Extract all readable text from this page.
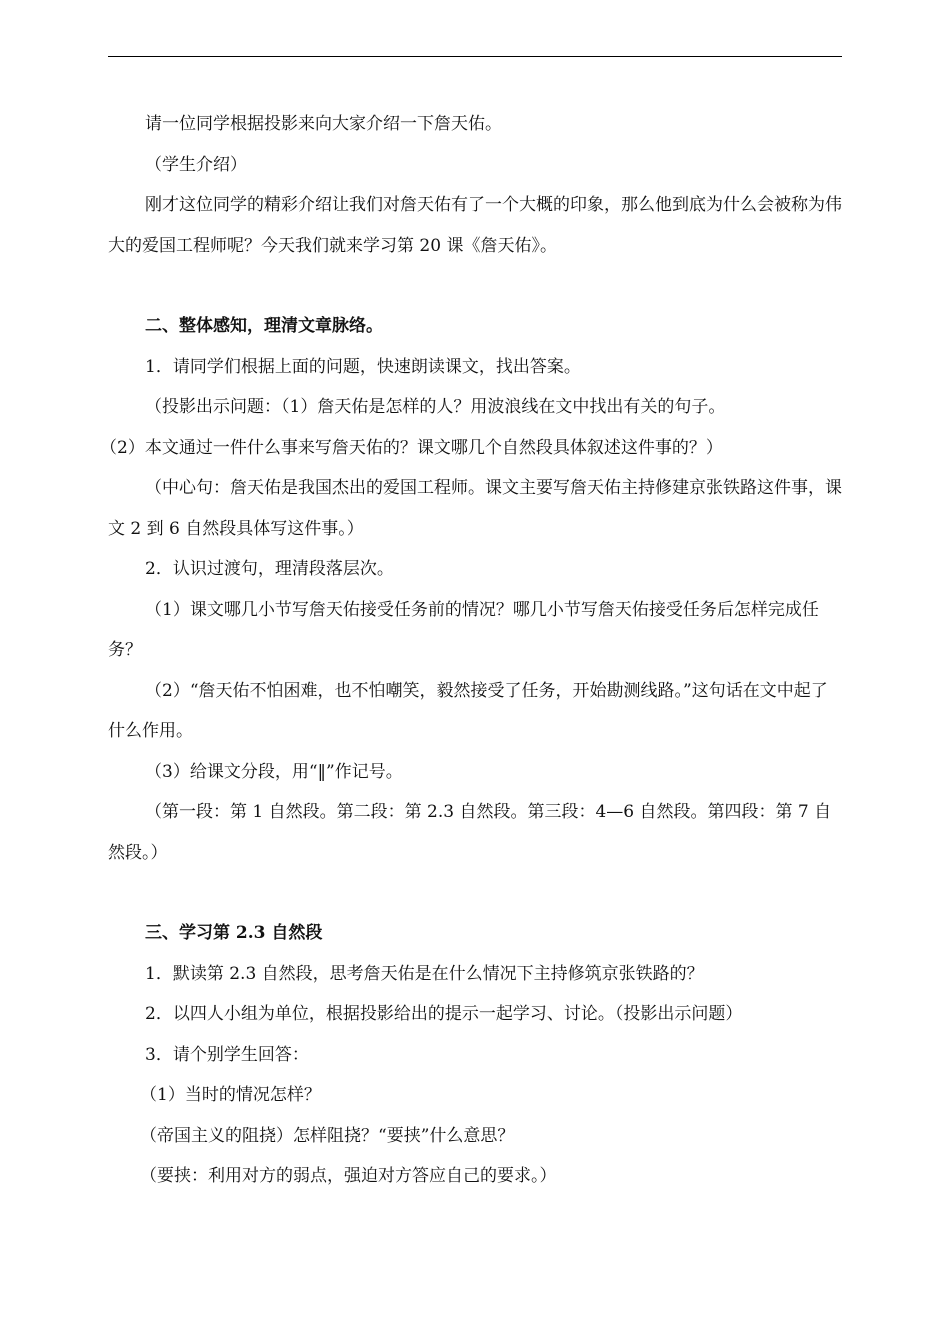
请一位同学根据投影来向大家介绍一下詹天佑。

（学生介绍）

刚才这位同学的精彩介绍让我们对詹天佑有了一个大概的印象，那么他到底为什么会被称为伟大的爱国工程师呢？今天我们就来学习第 20 课《詹天佑》。

二、整体感知，理清文章脉络。

1．请同学们根据上面的问题，快速朗读课文，找出答案。

（投影出示问题：（1）詹天佑是怎样的人？用波浪线在文中找出有关的句子。

（2）本文通过一件什么事来写詹天佑的？课文哪几个自然段具体叙述这件事的？）

（中心句：詹天佑是我国杰出的爱国工程师。课文主要写詹天佑主持修建京张铁路这件事，课文 2 到 6 自然段具体写这件事。）

2．认识过渡句，理清段落层次。

（1）课文哪几小节写詹天佑接受任务前的情况？哪几小节写詹天佑接受任务后怎样完成任务？

（2）“詹天佑不怕困难，也不怕嘲笑，毅然接受了任务，开始勘测线路。”这句话在文中起了什么作用。

（3）给课文分段，用“‖”作记号。

（第一段：第 1 自然段。第二段：第 2.3 自然段。第三段：4—6 自然段。第四段：第 7 自然段。）

三、学习第 2.3 自然段

1．默读第 2.3 自然段，思考詹天佑是在什么情况下主持修筑京张铁路的？

2．以四人小组为单位，根据投影给出的提示一起学习、讨论。（投影出示问题）

3．请个别学生回答：

（1）当时的情况怎样？

（帝国主义的阻挠）怎样阻挠？“要挟”什么意思？

（要挟：利用对方的弱点，强迫对方答应自己的要求。）
